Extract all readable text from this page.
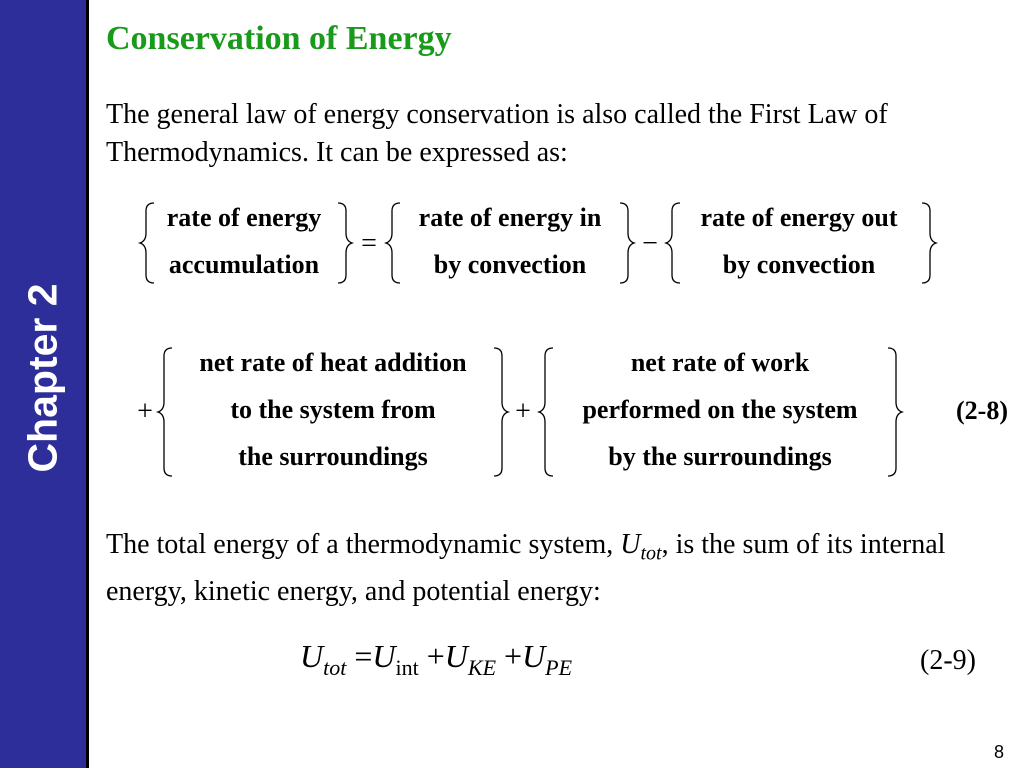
Chapter 2
Conservation of Energy
The general law of energy conservation is also called the First Law of Thermodynamics. It can be expressed as:
rate of energy
accumulation
=
rate of energy in
by convection
−
rate of energy out
by convection
+
net rate of heat addition
to the system from
the surroundings
+
net rate of work
performed on the system
by the surroundings
(2-8)
The total energy of a thermodynamic system, $U_{tot}$, is the sum of its internal energy, kinetic energy, and potential energy:
$U_{tot} =U_{int} +U_{KE} +U_{PE}$	(2-9)
8
